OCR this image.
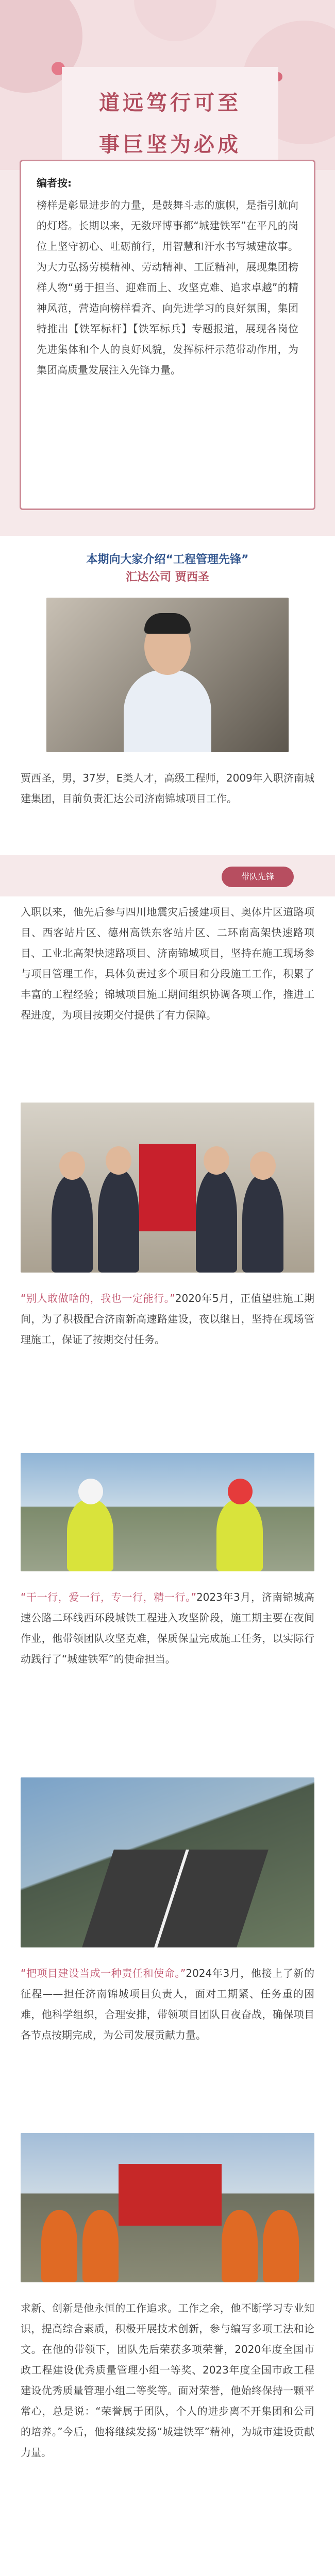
道远笃行可至
事巨坚为必成
编者按:
榜样是彰显进步的力量，是鼓舞斗志的旗帜，是指引航向的灯塔。长期以来，无数坪博事都“城建铁军”在平凡的岗位上坚守初心、吐砺前行，用智慧和汗水书写城建故事。为大力弘扬劳模精神、劳动精神、工匠精神，展现集团榜样人物“勇于担当、迎难而上、攻坚克难、追求卓越”的精神风范，营造向榜样看齐、向先进学习的良好氛围，集团特推出【铁军标杆】【铁军标兵】专题报道，展现各岗位先进集体和个人的良好风貌，发挥标杆示范带动作用，为集团高质量发展注入先锋力量。
本期向大家介绍“工程管理先锋”
汇达公司 贾西圣
贾西圣，男，37岁，E类人才，高级工程师，2009年入职济南城建集团，目前负责汇达公司济南锦城项目工作。
带队先锋
入职以来，他先后参与四川地震灾后援建项目、奥体片区道路项目、西客站片区、德州高铁东客站片区、二环南高架快速路项目、工业北高架快速路项目、济南锦城项目，坚持在施工现场参与项目管理工作，具体负责过多个项目和分段施工工作，积累了丰富的工程经验；锦城项目施工期间组织协调各项工作，推进工程进度，为项目按期交付提供了有力保障。
“别人敢做啥的，我也一定能行。”2020年5月，正值望驻施工期间，为了积极配合济南新高速路建设，夜以继日，坚持在现场管理施工，保证了按期交付任务。
“干一行，爱一行，专一行，精一行。”2023年3月，济南锦城高速公路二环线西环段城铁工程进入攻坚阶段，施工期主要在夜间作业，他带领团队攻坚克难，保质保量完成施工任务，以实际行动践行了“城建铁军”的使命担当。
“把项目建设当成一种责任和使命。”2024年3月，他接上了新的征程——担任济南锦城项目负责人，面对工期紧、任务重的困难，他科学组织，合理安排，带领项目团队日夜奋战，确保项目各节点按期完成，为公司发展贡献力量。
求新、创新是他永恒的工作追求。工作之余，他不断学习专业知识，提高综合素质，积极开展技术创新，参与编写多项工法和论文。在他的带领下，团队先后荣获多项荣誉，2020年度全国市政工程建设优秀质量管理小组一等奖、2023年度全国市政工程建设优秀质量管理小组二等奖等。面对荣誉，他始终保持一颗平常心，总是说：“荣誉属于团队，个人的进步离不开集团和公司的培养。”今后，他将继续发扬“城建铁军”精神，为城市建设贡献力量。
